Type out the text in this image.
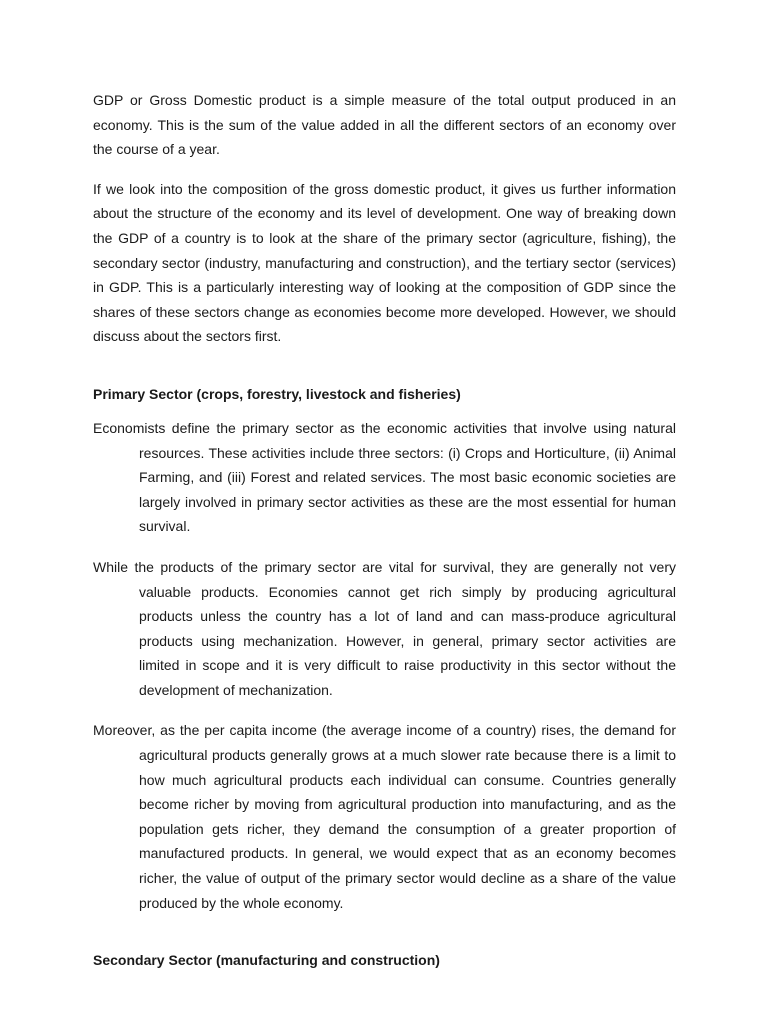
GDP or Gross Domestic product is a simple measure of the total output produced in an economy. This is the sum of the value added in all the different sectors of an economy over the course of a year.

If we look into the composition of the gross domestic product, it gives us further information about the structure of the economy and its level of development. One way of breaking down the GDP of a country is to look at the share of the primary sector (agriculture, fishing), the secondary sector (industry, manufacturing and construction), and the tertiary sector (services) in GDP. This is a particularly interesting way of looking at the composition of GDP since the shares of these sectors change as economies become more developed. However, we should discuss about the sectors first.

Primary Sector (crops, forestry, livestock and fisheries)

Economists define the primary sector as the economic activities that involve using natural resources. These activities include three sectors: (i) Crops and Horticulture, (ii) Animal Farming, and (iii) Forest and related services. The most basic economic societies are largely involved in primary sector activities as these are the most essential for human survival.

While the products of the primary sector are vital for survival, they are generally not very valuable products. Economies cannot get rich simply by producing agricultural products unless the country has a lot of land and can mass-produce agricultural products using mechanization. However, in general, primary sector activities are limited in scope and it is very difficult to raise productivity in this sector without the development of mechanization.

Moreover, as the per capita income (the average income of a country) rises, the demand for agricultural products generally grows at a much slower rate because there is a limit to how much agricultural products each individual can consume. Countries generally become richer by moving from agricultural production into manufacturing, and as the population gets richer, they demand the consumption of a greater proportion of manufactured products. In general, we would expect that as an economy becomes richer, the value of output of the primary sector would decline as a share of the value produced by the whole economy.

Secondary Sector (manufacturing and construction)
